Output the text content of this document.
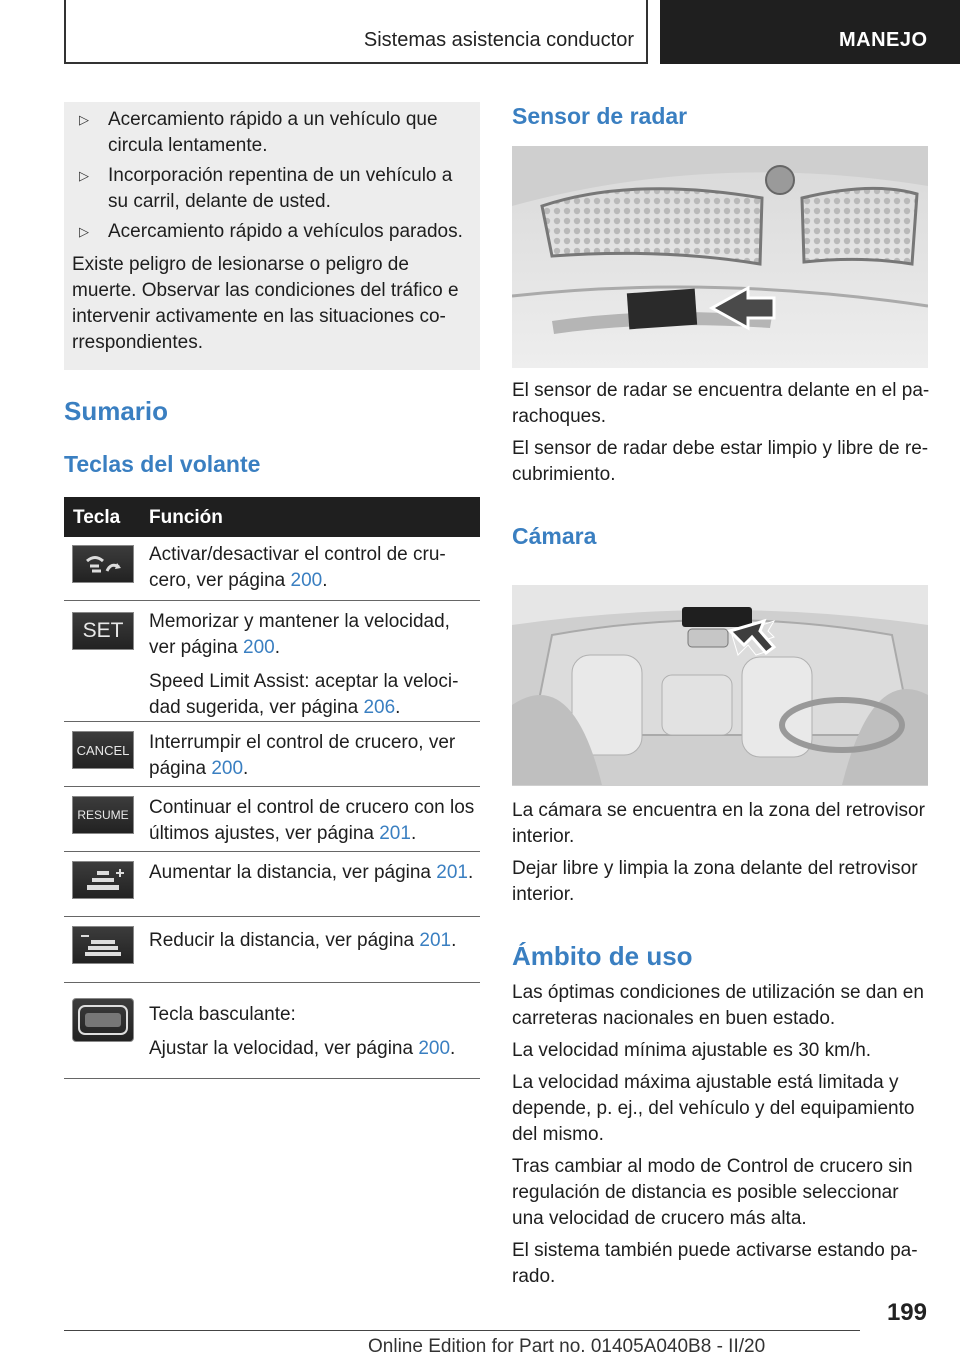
Sistemas asistencia conductor	MANEJO
▷	Acercamiento rápido a un vehículo que circula lentamente.
▷	Incorporación repentina de un vehículo a su carril, delante de usted.
▷	Acercamiento rápido a vehículos parados.
Existe peligro de lesionarse o peligro de muerte. Observar las condiciones del tráfico e intervenir activamente en las situaciones correspondientes.
Sumario
Teclas del volante
Tecla Función

Activar/desactivar el control de crucero, ver página 200.

SET Memorizar y mantener la velocidad, ver página 200.

Speed Limit Assist: aceptar la velocidad sugerida, ver página 206.

CANCEL Interrumpir el control de crucero, ver página 200.

RESUME Continuar el control de crucero con los últimos ajustes, ver página 201.

Aumentar la distancia, ver página 201.

Reducir la distancia, ver página 201.

Tecla basculante:

Ajustar la velocidad, ver página 200.

Sensor de radar

El sensor de radar se encuentra delante en el parachoques.

El sensor de radar debe estar limpio y libre de recubrimiento.

Cámara

La cámara se encuentra en la zona del retrovisor interior.

Dejar libre y limpia la zona delante del retrovisor interior.

Ámbito de uso

Las óptimas condiciones de utilización se dan en carreteras nacionales en buen estado.

La velocidad mínima ajustable es 30 km/h.

La velocidad máxima ajustable está limitada y depende, p. ej., del vehículo y del equipamiento del mismo.

Tras cambiar al modo de Control de crucero sin regulación de distancia es posible seleccionar una velocidad de crucero más alta.

El sistema también puede activarse estando parado.

199
Online Edition for Part no. 01405A040B8 - II/20
